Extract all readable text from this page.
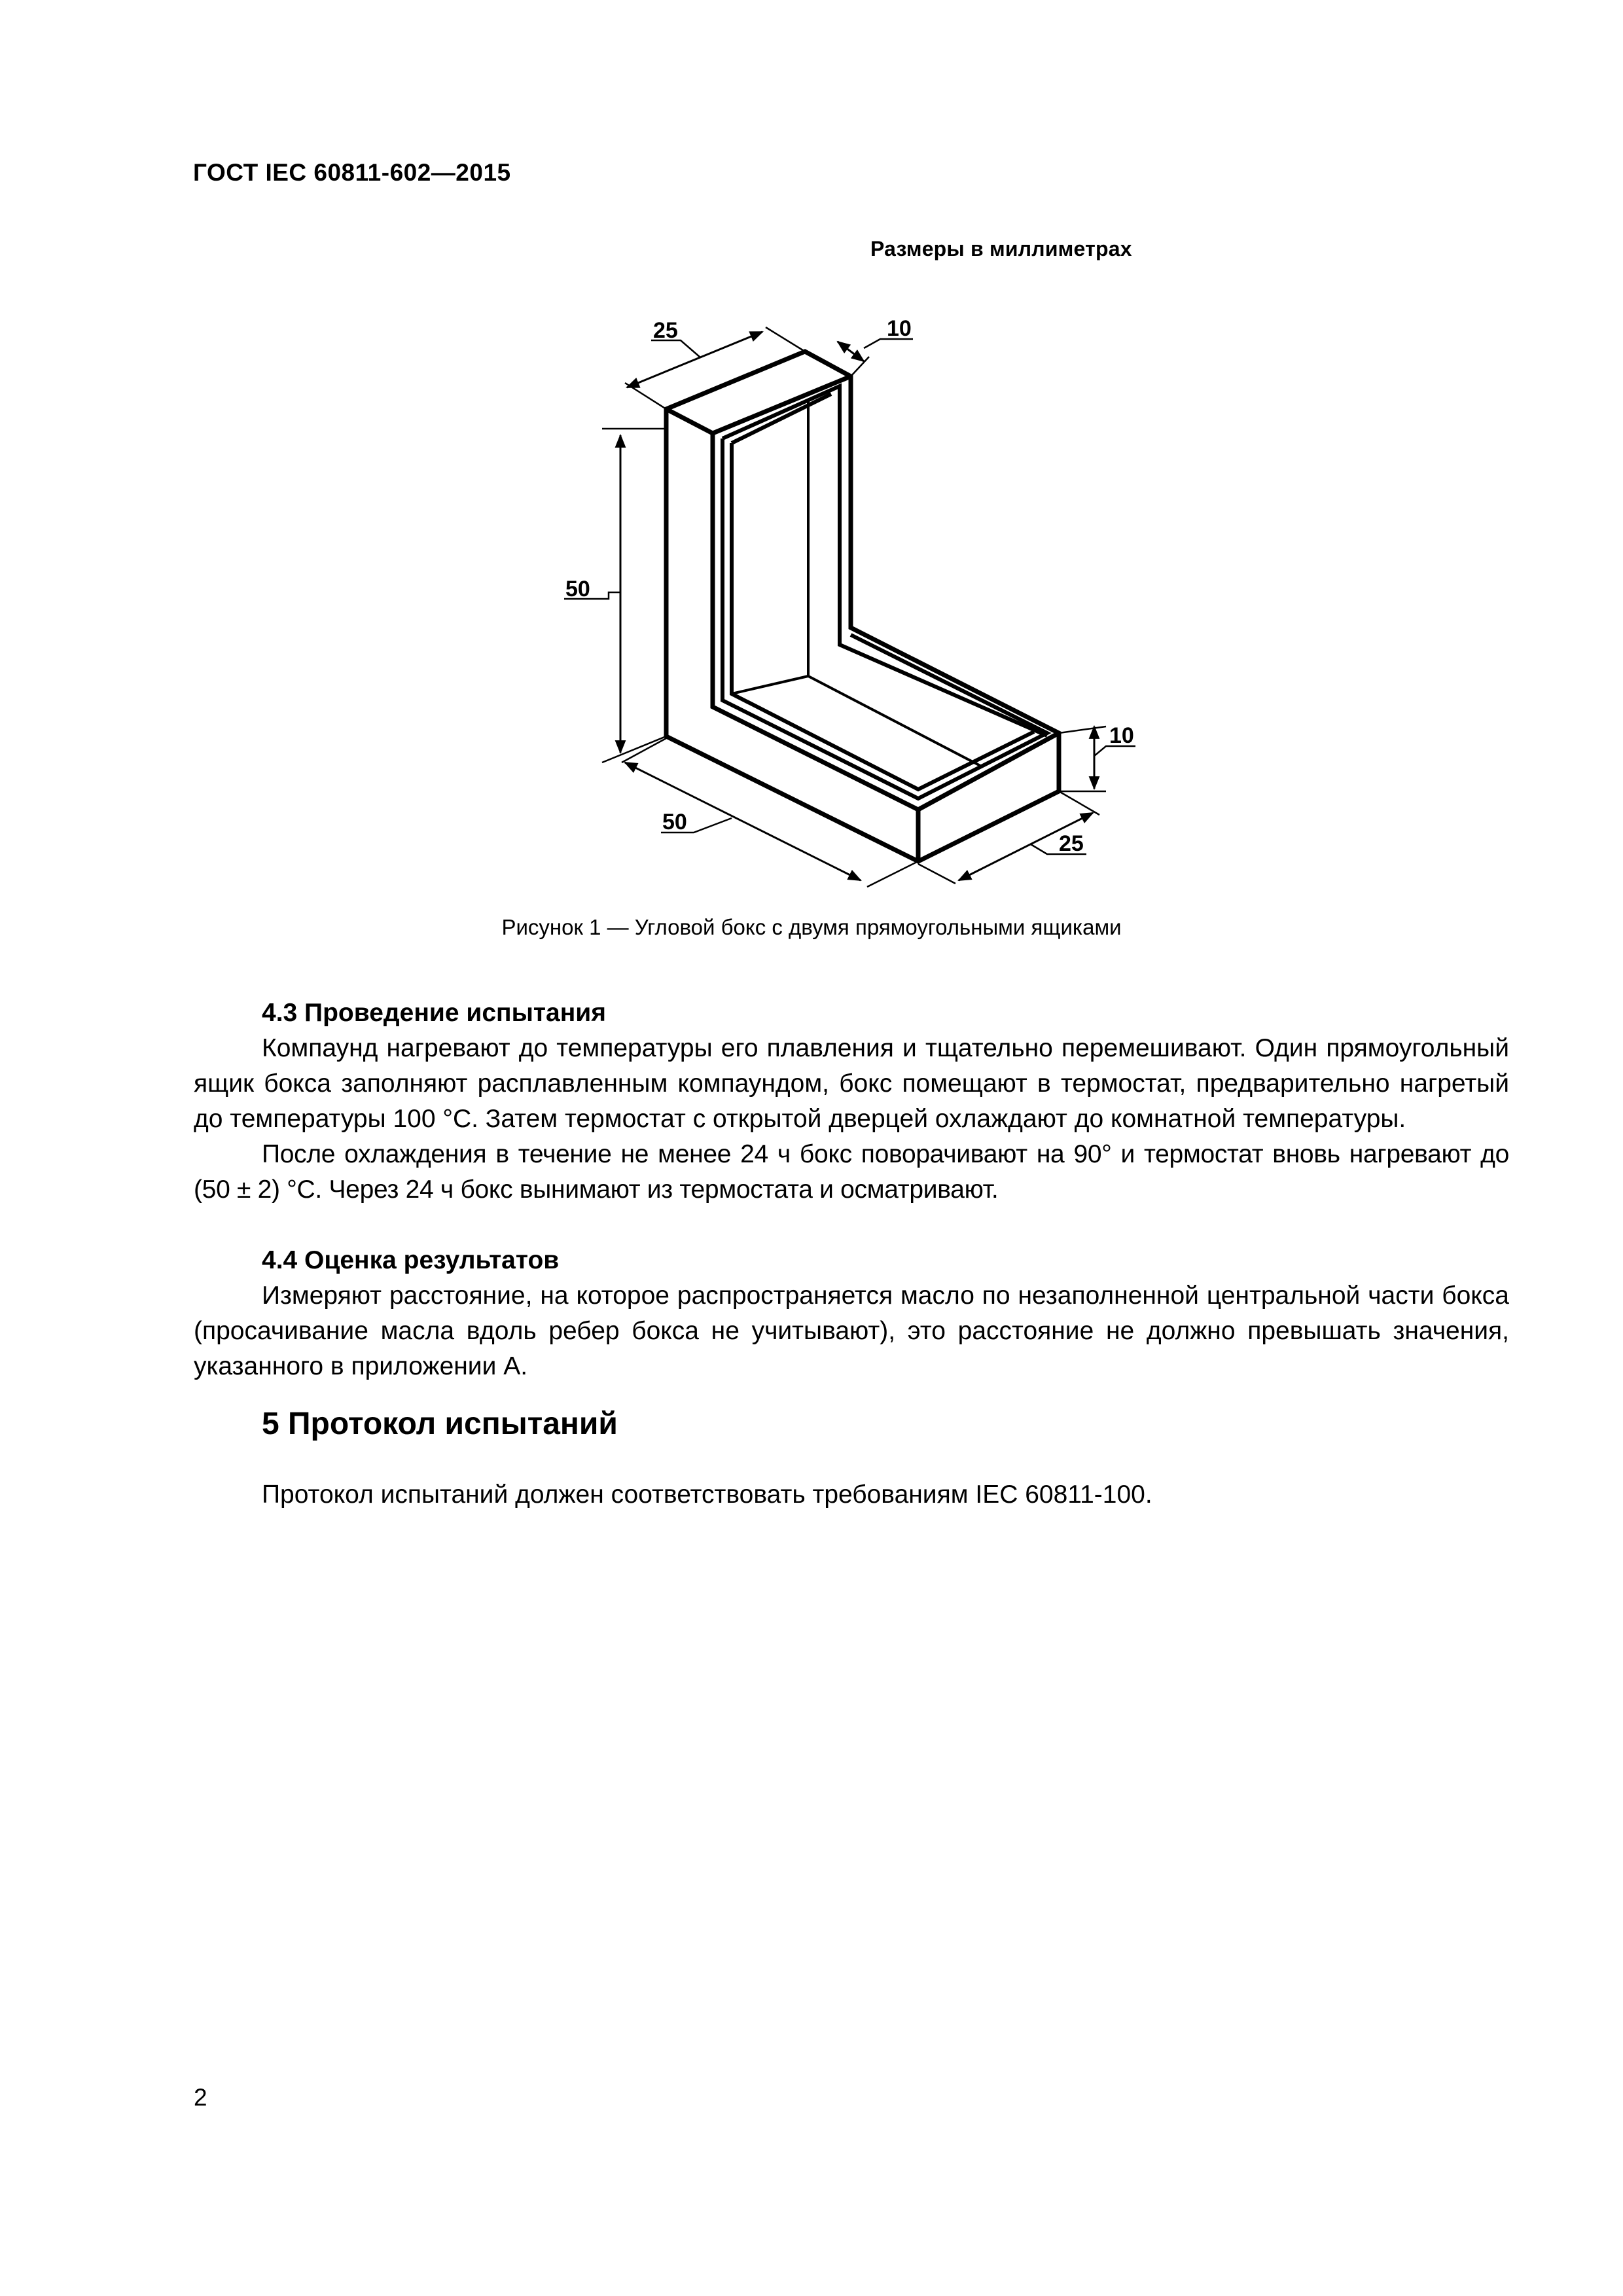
ГОСТ IEC 60811-602—2015
Размеры в миллиметрах
25	10
50
10
50
25
Рисунок 1 — Угловой бокс с двумя прямоугольными ящиками
4.3 Проведение испытания
Компаунд нагревают до температуры его плавления и тщательно перемешивают. Один прямоугольный ящик бокса заполняют расплавленным компаундом, бокс помещают в термостат, предварительно нагретый до температуры 100 °С. Затем термостат с открытой дверцей охлаждают до комнатной температуры.
После охлаждения в течение не менее 24 ч бокс поворачивают на 90° и термостат вновь нагревают до (50 ± 2) °С. Через 24 ч бокс вынимают из термостата и осматривают.
4.4 Оценка результатов
Измеряют расстояние, на которое распространяется масло по незаполненной центральной части бокса (просачивание масла вдоль ребер бокса не учитывают), это расстояние не должно превышать значения, указанного в приложении А.
5 Протокол испытаний
Протокол испытаний должен соответствовать требованиям IEC 60811-100.
2
